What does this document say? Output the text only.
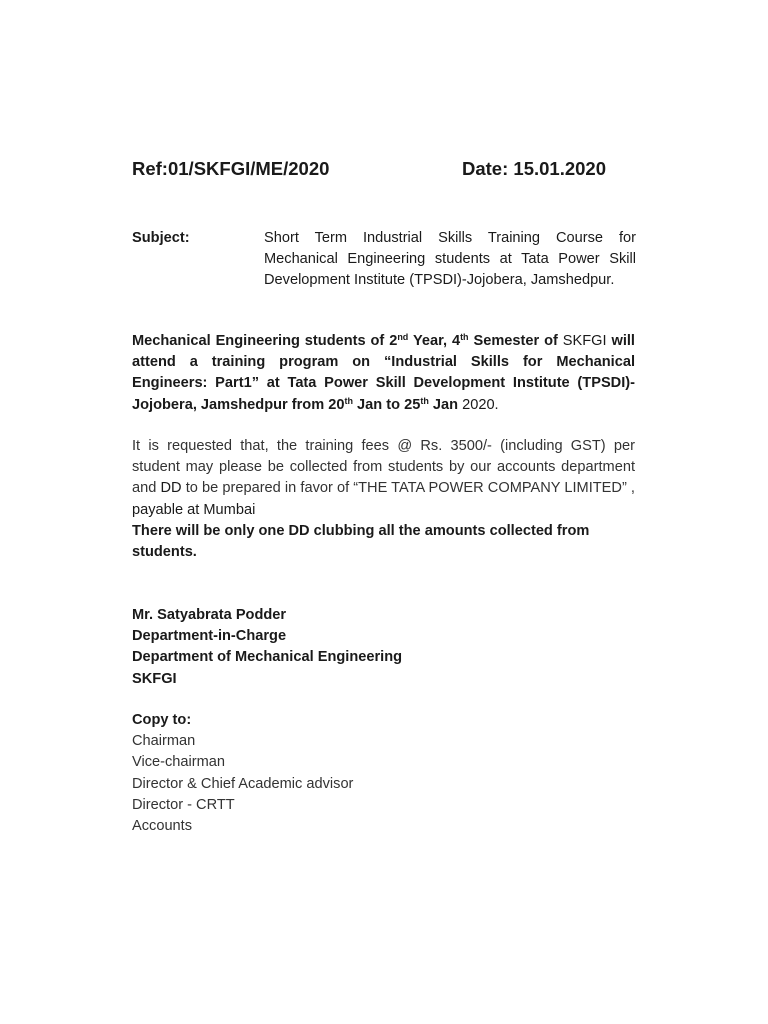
Ref:01/SKFGI/ME/2020	Date: 15.01.2020
Subject:	Short Term Industrial Skills Training Course for Mechanical Engineering students at Tata Power Skill Development Institute (TPSDI)-Jojobera, Jamshedpur.
Mechanical Engineering students of 2nd Year, 4th Semester of SKFGI will attend a training program on “Industrial Skills for Mechanical Engineers: Part1” at Tata Power Skill Development Institute (TPSDI)-Jojobera, Jamshedpur from 20th Jan to 25th Jan 2020.
It is requested that, the training fees @ Rs. 3500/- (including GST) per student may please be collected from students by our accounts department and DD to be prepared in favor of “THE TATA POWER COMPANY LIMITED” , payable at Mumbai
There will be only one DD clubbing all the amounts collected from students.
Mr. Satyabrata Podder
Department-in-Charge
Department of Mechanical Engineering
SKFGI
Copy to:
Chairman
Vice-chairman
Director & Chief Academic advisor
Director - CRTT
Accounts
